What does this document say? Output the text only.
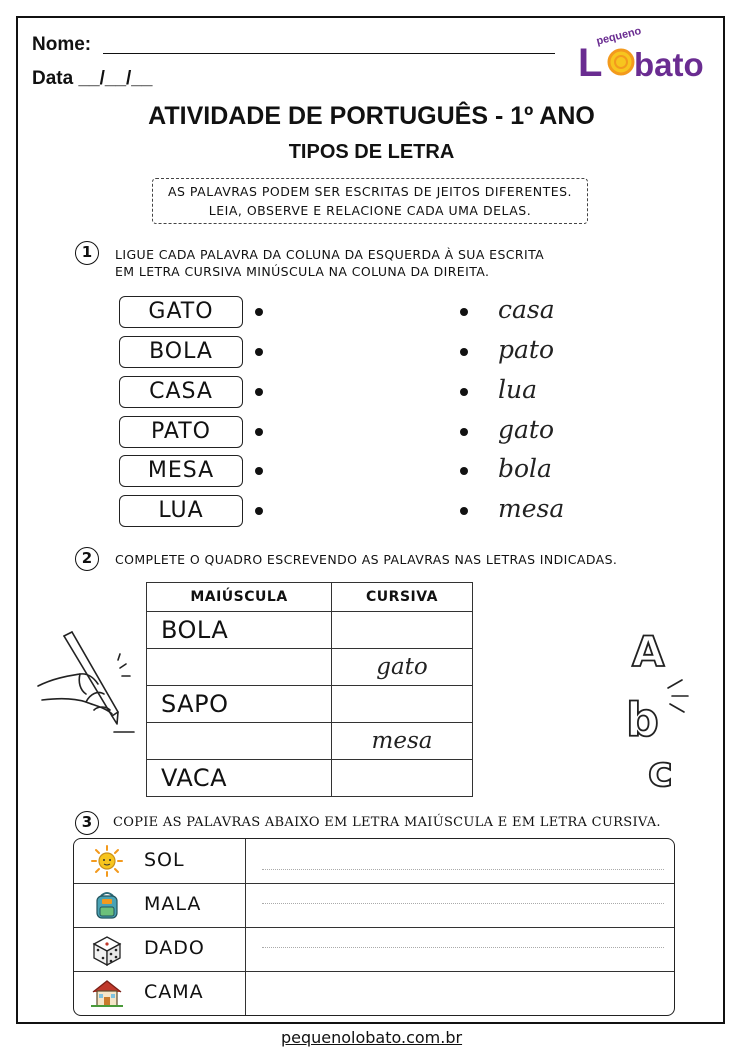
Nome:
Data __/__/__
pequeno
L bato
ATIVIDADE DE PORTUGUÊS - 1º ANO
TIPOS DE LETRA
AS PALAVRAS PODEM SER ESCRITAS DE JEITOS DIFERENTES.
LEIA, OBSERVE E RELACIONE CADA UMA DELAS.
1	LIGUE CADA PALAVRA DA COLUNA DA ESQUERDA À SUA ESCRITA
EM LETRA CURSIVA MINÚSCULA NA COLUNA DA DIREITA.
GATO
BOLA
CASA
PATO
MESA
LUA
casa
pato
lua
gato
bola
mesa
2	COMPLETE O QUADRO ESCREVENDO AS PALAVRAS NAS LETRAS INDICADAS.
MAIÚSCULA	CURSIVA
BOLA	
	gato
SAPO	
	mesa
VACA	
A
b
c
3	COPIE AS PALAVRAS ABAIXO EM LETRA MAIÚSCULA E EM LETRA CURSIVA.
SOL
MALA
DADO
CAMA
pequenolobato.com.br
